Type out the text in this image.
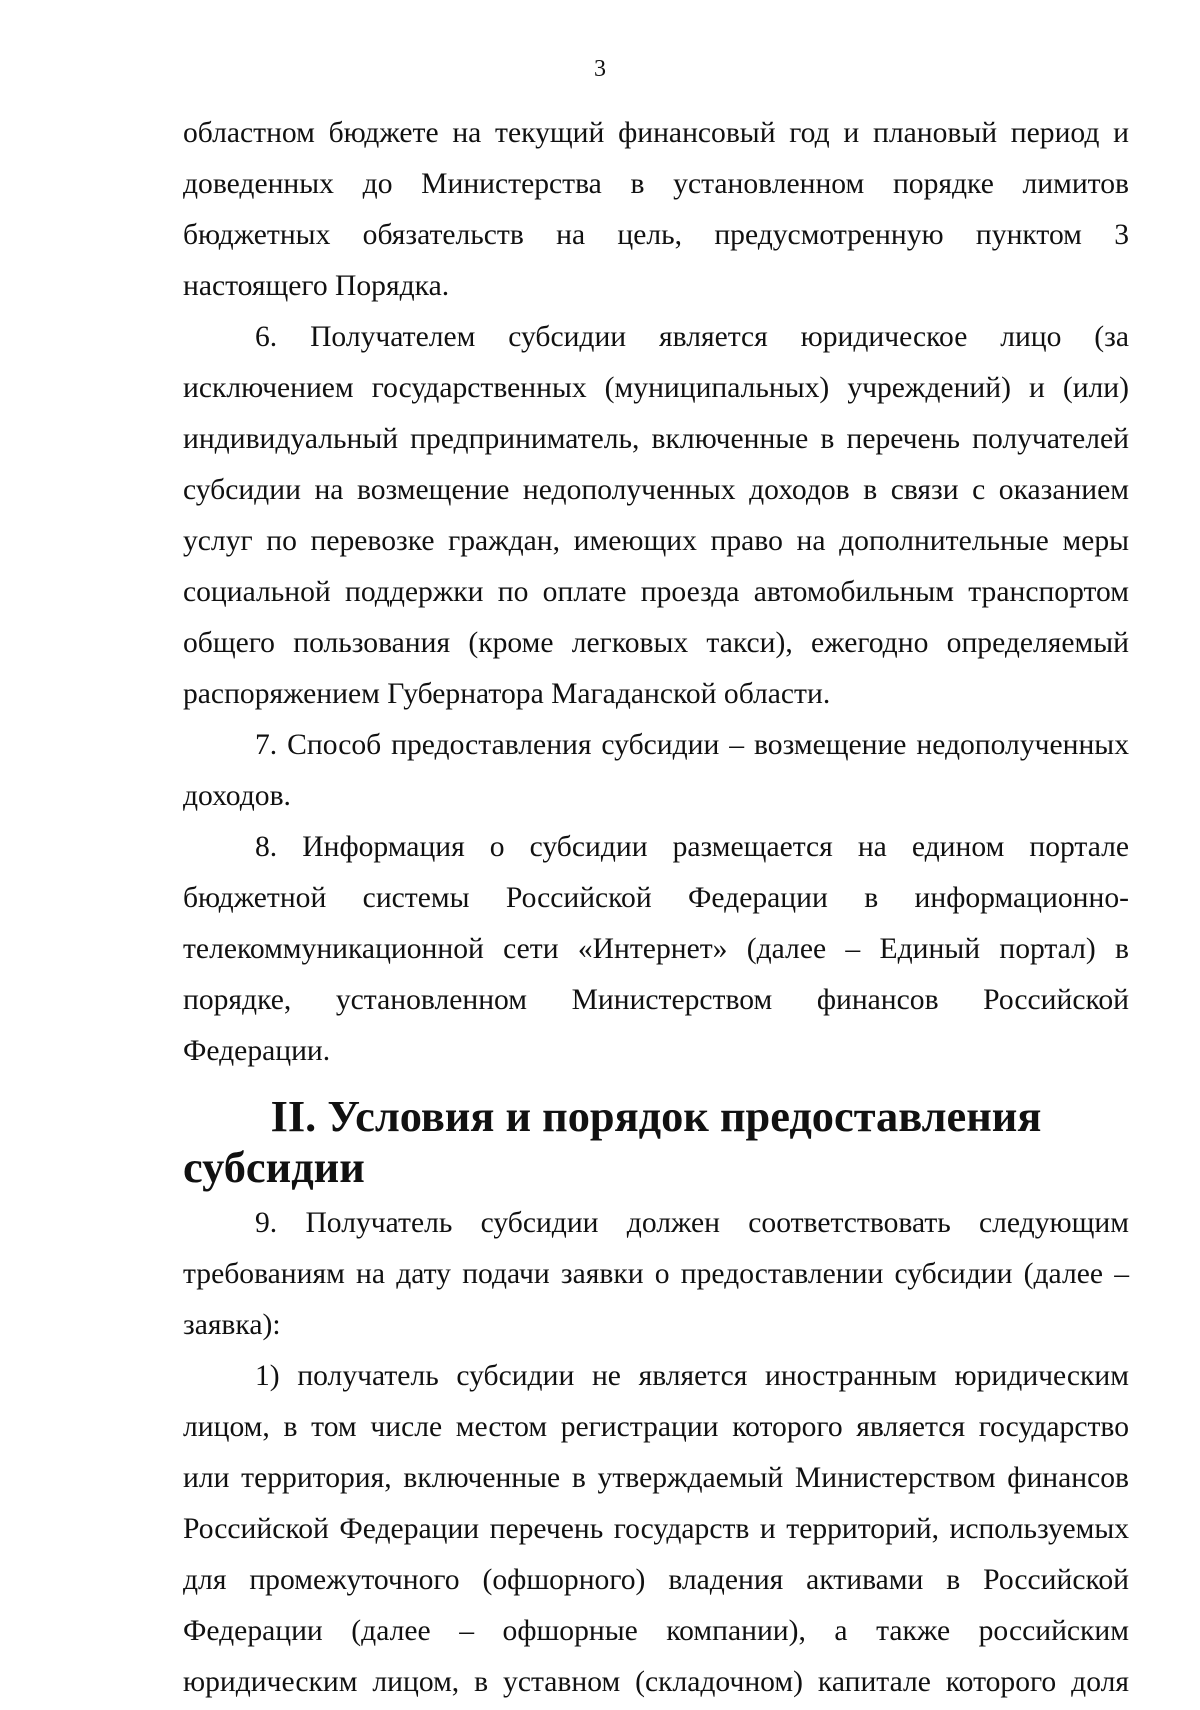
3

областном бюджете на текущий финансовый год и плановый период и доведенных до Министерства в установленном порядке лимитов бюджетных обязательств на цель, предусмотренную пунктом 3 настоящего Порядка.

6. Получателем субсидии является юридическое лицо (за исключением государственных (муниципальных) учреждений) и (или) индивидуальный предприниматель, включенные в перечень получателей субсидии на возмещение недополученных доходов в связи с оказанием услуг по перевозке граждан, имеющих право на дополнительные меры социальной поддержки по оплате проезда автомобильным транспортом общего пользования (кроме легковых такси), ежегодно определяемый распоряжением Губернатора Магаданской области.

7. Способ предоставления субсидии – возмещение недополученных доходов.

8. Информация о субсидии размещается на едином портале бюджетной системы Российской Федерации в информационно-телекоммуникационной сети «Интернет» (далее – Единый портал) в порядке, установленном Министерством финансов Российской Федерации.

II. Условия и порядок предоставления субсидии

9. Получатель субсидии должен соответствовать следующим требованиям на дату подачи заявки о предоставлении субсидии (далее – заявка):

1) получатель субсидии не является иностранным юридическим лицом, в том числе местом регистрации которого является государство или территория, включенные в утверждаемый Министерством финансов Российской Федерации перечень государств и территорий, используемых для промежуточного (офшорного) владения активами в Российской Федерации (далее – офшорные компании), а также российским юридическим лицом, в уставном (складочном) капитале которого доля
